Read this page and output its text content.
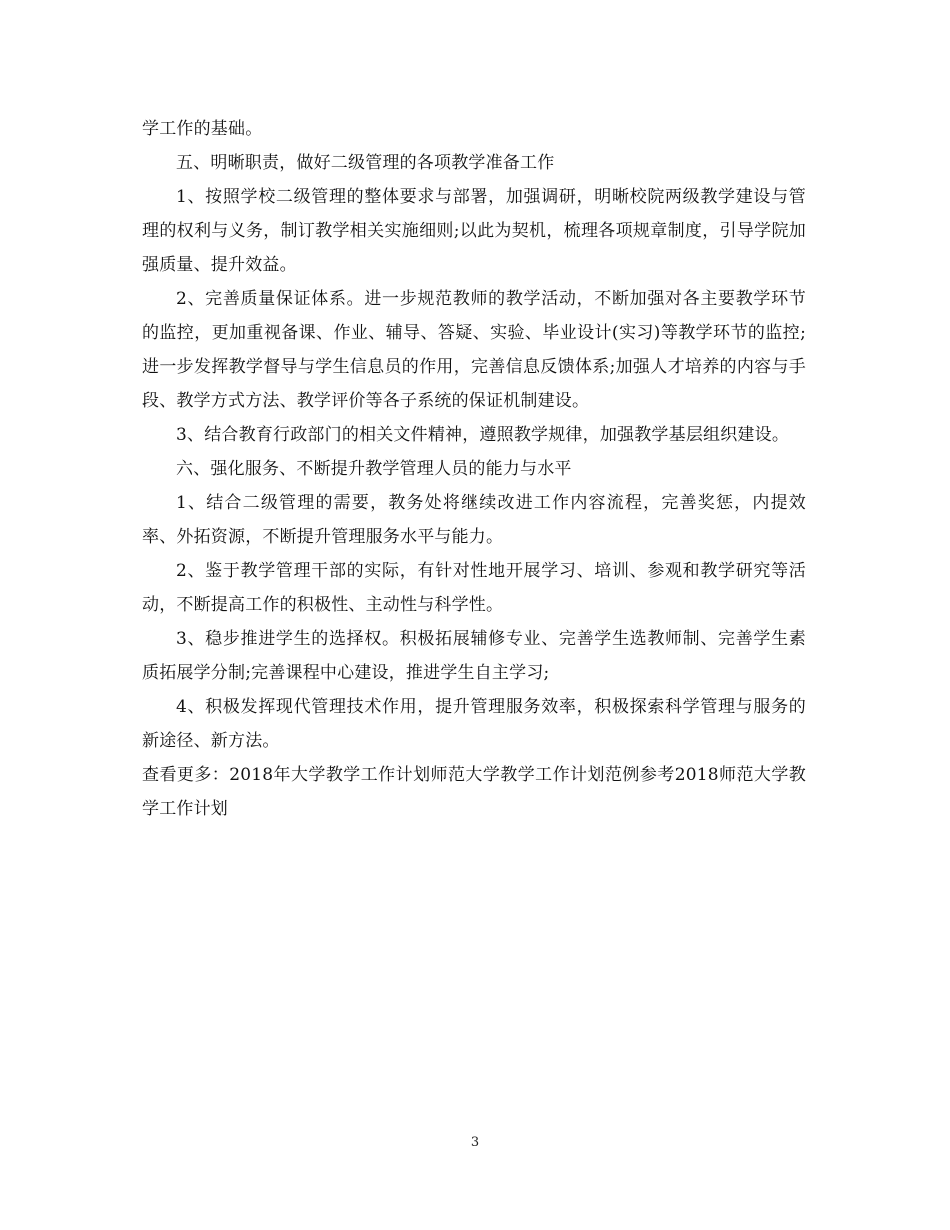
学工作的基础。

五、明晰职责，做好二级管理的各项教学准备工作

1、按照学校二级管理的整体要求与部署，加强调研，明晰校院两级教学建设与管理的权利与义务，制订教学相关实施细则;以此为契机，梳理各项规章制度，引导学院加强质量、提升效益。

2、完善质量保证体系。进一步规范教师的教学活动，不断加强对各主要教学环节的监控，更加重视备课、作业、辅导、答疑、实验、毕业设计(实习)等教学环节的监控;进一步发挥教学督导与学生信息员的作用，完善信息反馈体系;加强人才培养的内容与手段、教学方式方法、教学评价等各子系统的保证机制建设。

3、结合教育行政部门的相关文件精神，遵照教学规律，加强教学基层组织建设。

六、强化服务、不断提升教学管理人员的能力与水平

1、结合二级管理的需要，教务处将继续改进工作内容流程，完善奖惩，内提效率、外拓资源，不断提升管理服务水平与能力。

2、鉴于教学管理干部的实际，有针对性地开展学习、培训、参观和教学研究等活动，不断提高工作的积极性、主动性与科学性。

3、稳步推进学生的选择权。积极拓展辅修专业、完善学生选教师制、完善学生素质拓展学分制;完善课程中心建设，推进学生自主学习;

4、积极发挥现代管理技术作用，提升管理服务效率，积极探索科学管理与服务的新途径、新方法。

查看更多：2018年大学教学工作计划师范大学教学工作计划范例参考2018师范大学教学工作计划

3
